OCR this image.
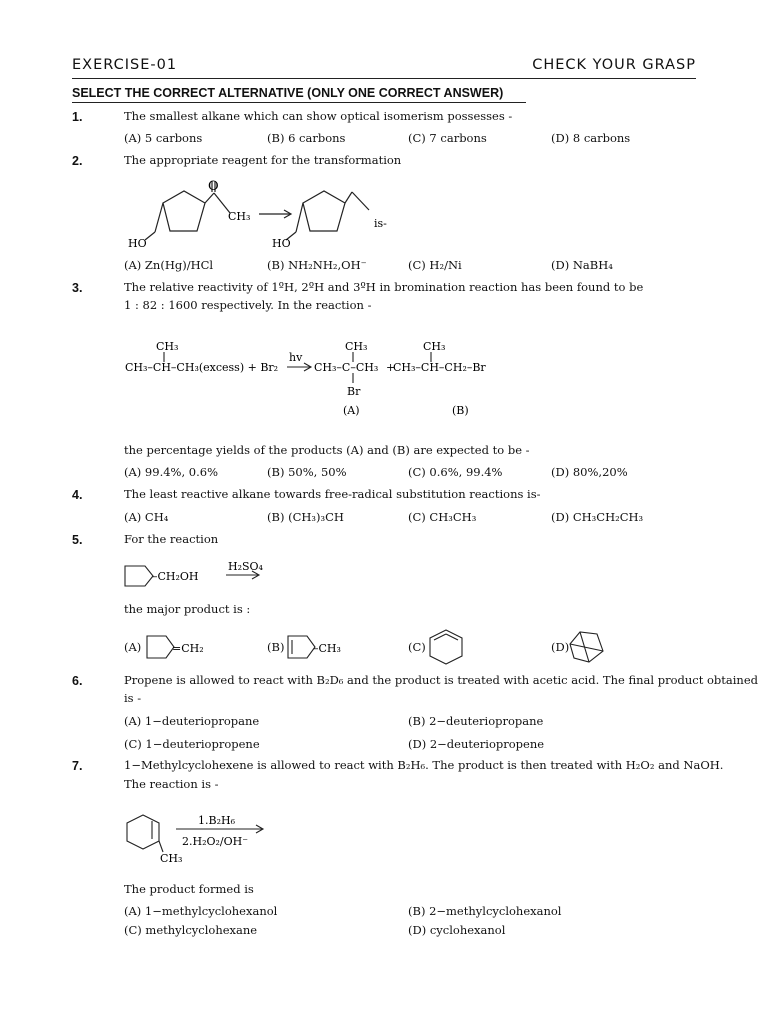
EXERCISE-01	CHECK YOUR GRASP
SELECT THE CORRECT ALTERNATIVE (ONLY ONE CORRECT ANSWER)
1.	The smallest alkane which can show optical isomerism possesses -
(A) 5 carbons	(B) 6 carbons	(C) 7 carbons	(D) 8 carbons
2.	The appropriate reagent for the transformation
O
CH₃
HO	HO
is-
(A) Zn(Hg)/HCl	(B) NH₂NH₂,OH⁻	(C) H₂/Ni	(D) NaBH₄
3.	The relative reactivity of 1ºH, 2ºH and 3ºH in bromination reaction has been found to be
1 : 82 : 1600 respectively. In the reaction -
CH₃
CH₃–CH–CH₃(excess) + Br₂
hv
CH₃
CH₃–C–CH₃
Br
+
CH₃
CH₃–CH–CH₂–Br
(A)	(B)
the percentage yields of the products (A) and (B) are expected to be -
(A) 99.4%, 0.6%	(B) 50%, 50%	(C) 0.6%, 99.4%	(D) 80%,20%
4.	The least reactive alkane towards free-radical substitution reactions is-
(A) CH₄	(B) (CH₃)₃CH	(C) CH₃CH₃	(D) CH₃CH₂CH₃
5.	For the reaction
–CH₂OH
H₂SO₄
the major product is :
(A)	(B)	(C)	(D)
=CH₂	–CH₃
6.	Propene is allowed to react with B₂D₆ and the product is treated with acetic acid. The final product obtained
is -
(A) 1−deuteriopropane	(B) 2−deuteriopropane
(C) 1−deuteriopropene	(D) 2−deuteriopropene
7.	1−Methylcyclohexene is allowed to react with B₂H₆. The product is then treated with H₂O₂ and NaOH.
The reaction is -
CH₃
1.B₂H₆
2.H₂O₂/OH⁻
The product formed is
(A) 1−methylcyclohexanol	(B) 2−methylcyclohexanol
(C) methylcyclohexane	(D) cyclohexanol
